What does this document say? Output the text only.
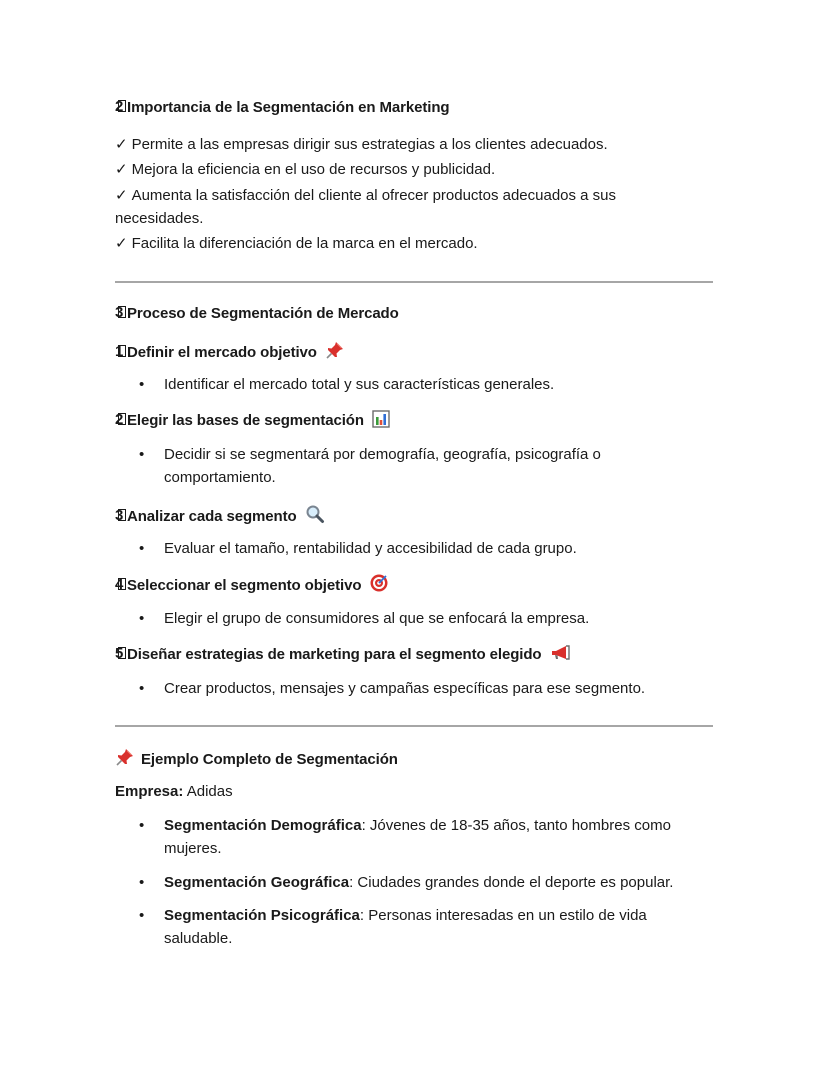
2 Importancia de la Segmentación en Marketing
✓ Permite a las empresas dirigir sus estrategias a los clientes adecuados.
✓ Mejora la eficiencia en el uso de recursos y publicidad.
✓ Aumenta la satisfacción del cliente al ofrecer productos adecuados a sus
necesidades.
✓ Facilita la diferenciación de la marca en el mercado.
3 Proceso de Segmentación de Mercado
1 Definir el mercado objetivo
• Identificar el mercado total y sus características generales.
2 Elegir las bases de segmentación
• Decidir si se segmentará por demografía, geografía, psicografía o
comportamiento.
3 Analizar cada segmento
• Evaluar el tamaño, rentabilidad y accesibilidad de cada grupo.
4 Seleccionar el segmento objetivo
• Elegir el grupo de consumidores al que se enfocará la empresa.
5 Diseñar estrategias de marketing para el segmento elegido
• Crear productos, mensajes y campañas específicas para ese segmento.
Ejemplo Completo de Segmentación
Empresa: Adidas
• Segmentación Demográfica: Jóvenes de 18-35 años, tanto hombres como
mujeres.
• Segmentación Geográfica: Ciudades grandes donde el deporte es popular.
• Segmentación Psicográfica: Personas interesadas en un estilo de vida
saludable.
